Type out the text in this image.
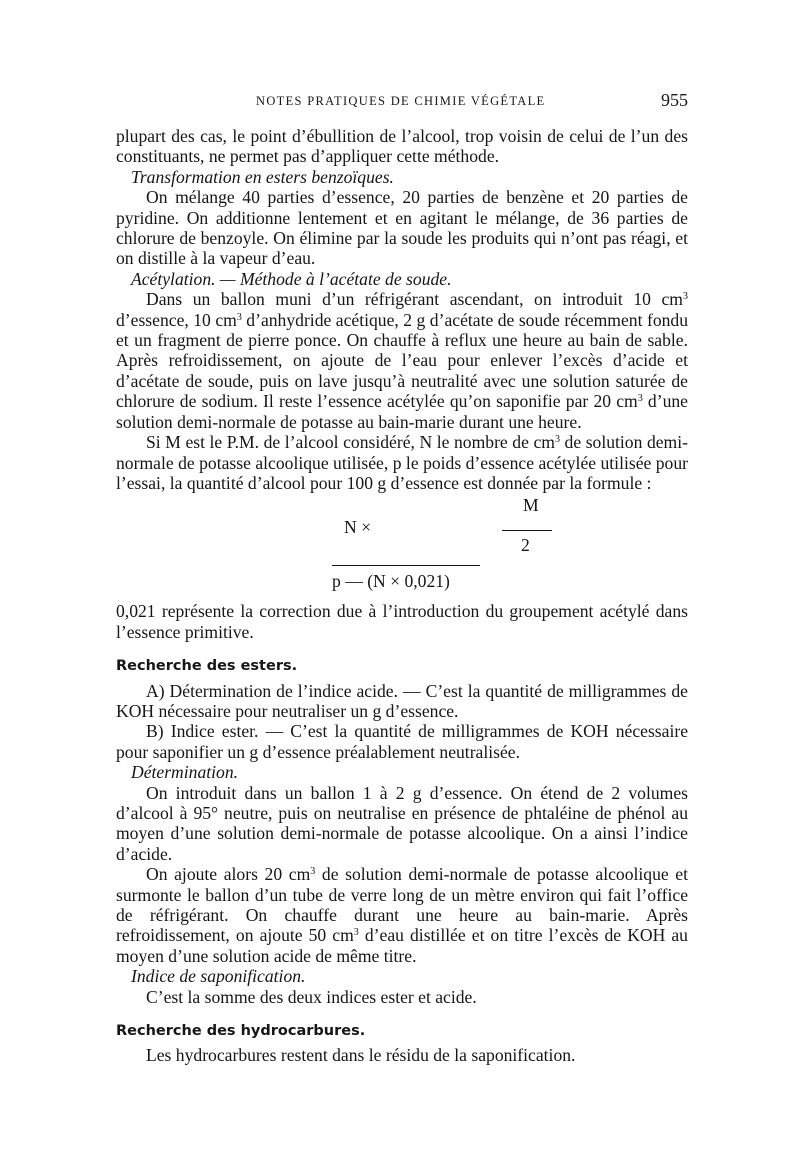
NOTES PRATIQUES DE CHIMIE VÉGÉTALE	955

plupart des cas, le point d’ébullition de l’alcool, trop voisin de celui de l’un des constituants, ne permet pas d’appliquer cette méthode.

Transformation en esters benzoïques.

On mélange 40 parties d’essence, 20 parties de benzène et 20 parties de pyridine. On additionne lentement et en agitant le mélange, de 36 parties de chlorure de benzoyle. On élimine par la soude les produits qui n’ont pas réagi, et on distille à la vapeur d’eau.

Acétylation. — Méthode à l’acétate de soude.

Dans un ballon muni d’un réfrigérant ascendant, on introduit 10 $cm^3$ d’essence, 10 $cm^3$ d’anhydride acétique, 2 g d’acétate de soude récemment fondu et un fragment de pierre ponce. On chauffe à reflux une heure au bain de sable. Après refroidissement, on ajoute de l’eau pour enlever l’excès d’acide et d’acétate de soude, puis on lave jusqu’à neutralité avec une solution saturée de chlorure de sodium. Il reste l’essence acétylée qu’on saponifie par 20 $cm^3$ d’une solution demi-normale de potasse au bain-marie durant une heure.

Si M est le P.M. de l’alcool considéré, N le nombre de $cm^3$ de solution demi-normale de potasse alcoolique utilisée, p le poids d’essence acétylée utilisée pour l’essai, la quantité d’alcool pour 100 g d’essence est donnée par la formule :

M
N ×
2
p — (N × 0,021)

0,021 représente la correction due à l’introduction du groupement acétylé dans l’essence primitive.

Recherche des esters.

A) Détermination de l’indice acide. — C’est la quantité de milligrammes de KOH nécessaire pour neutraliser un g d’essence.

B) Indice ester. — C’est la quantité de milligrammes de KOH nécessaire pour saponifier un g d’essence préalablement neutralisée.

Détermination.

On introduit dans un ballon 1 à 2 g d’essence. On étend de 2 volumes d’alcool à 95° neutre, puis on neutralise en présence de phtaléine de phénol au moyen d’une solution demi-normale de potasse alcoolique. On a ainsi l’indice d’acide.

On ajoute alors 20 $cm^3$ de solution demi-normale de potasse alcoolique et surmonte le ballon d’un tube de verre long de un mètre environ qui fait l’office de réfrigérant. On chauffe durant une heure au bain-marie. Après refroidissement, on ajoute 50 $cm^3$ d’eau distillée et on titre l’excès de KOH au moyen d’une solution acide de même titre.

Indice de saponification.

C’est la somme des deux indices ester et acide.

Recherche des hydrocarbures.

Les hydrocarbures restent dans le résidu de la saponification.
